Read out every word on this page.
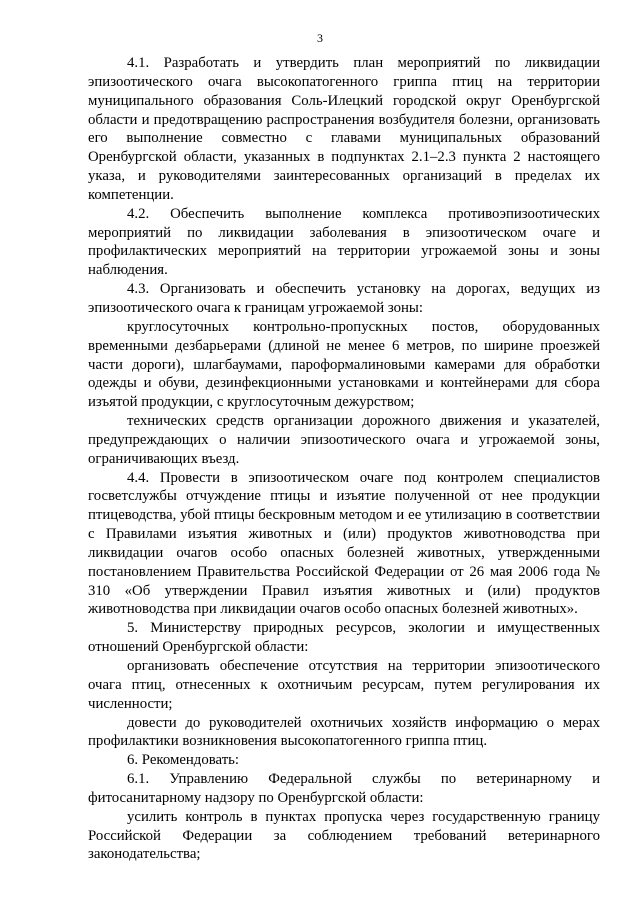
3

4.1. Разработать и утвердить план мероприятий по ликвидации эпизоотического очага высокопатогенного гриппа птиц на территории муниципального образования Соль-Илецкий городской округ Оренбургской области и предотвращению распространения возбудителя болезни, организовать его выполнение совместно с главами муниципальных образований Оренбургской области, указанных в подпунктах 2.1–2.3 пункта 2 настоящего указа, и руководителями заинтересованных организаций в пределах их компетенции.

4.2. Обеспечить выполнение комплекса противоэпизоотических мероприятий по ликвидации заболевания в эпизоотическом очаге и профилактических мероприятий на территории угрожаемой зоны и зоны наблюдения.

4.3. Организовать и обеспечить установку на дорогах, ведущих из эпизоотического очага к границам угрожаемой зоны:

круглосуточных контрольно-пропускных постов, оборудованных временными дезбарьерами (длиной не менее 6 метров, по ширине проезжей части дороги), шлагбаумами, пароформалиновыми камерами для обработки одежды и обуви, дезинфекционными установками и контейнерами для сбора изъятой продукции, с круглосуточным дежурством;

технических средств организации дорожного движения и указателей, предупреждающих о наличии эпизоотического очага и угрожаемой зоны, ограничивающих въезд.

4.4. Провести в эпизоотическом очаге под контролем специалистов госветслужбы отчуждение птицы и изъятие полученной от нее продукции птицеводства, убой птицы бескровным методом и ее утилизацию в соответствии с Правилами изъятия животных и (или) продуктов животноводства при ликвидации очагов особо опасных болезней животных, утвержденными постановлением Правительства Российской Федерации от 26 мая 2006 года № 310 «Об утверждении Правил изъятия животных и (или) продуктов животноводства при ликвидации очагов особо опасных болезней животных».

5. Министерству природных ресурсов, экологии и имущественных отношений Оренбургской области:

организовать обеспечение отсутствия на территории эпизоотического очага птиц, отнесенных к охотничьим ресурсам, путем регулирования их численности;

довести до руководителей охотничьих хозяйств информацию о мерах профилактики возникновения высокопатогенного гриппа птиц.

6. Рекомендовать:

6.1. Управлению Федеральной службы по ветеринарному и фитосанитарному надзору по Оренбургской области:

усилить контроль в пунктах пропуска через государственную границу Российской Федерации за соблюдением требований ветеринарного законодательства;
